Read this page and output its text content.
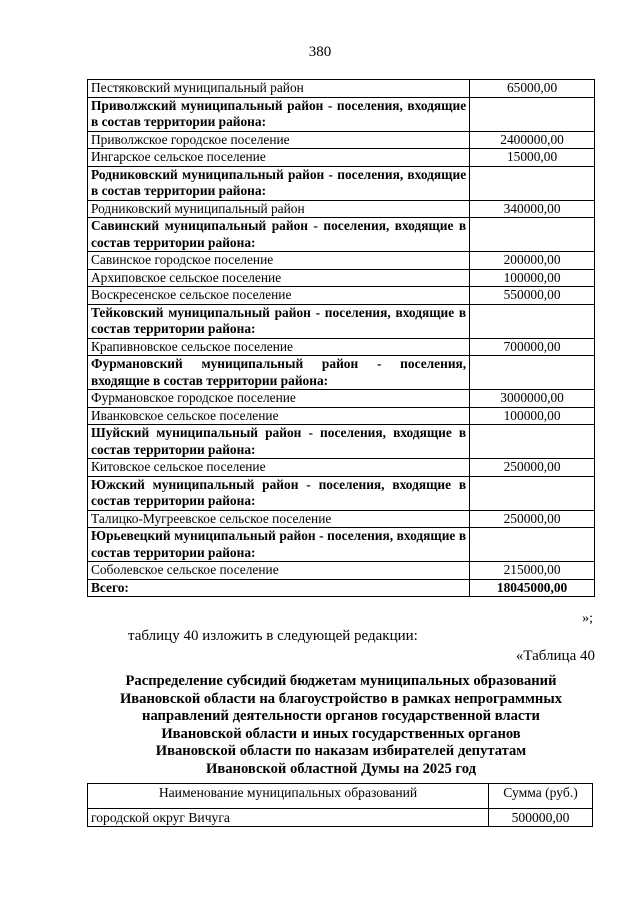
380
Пестяковский муниципальный район	65000,00
Приволжский муниципальный район - поселения, входящие в состав территории района:	
Приволжское городское поселение	2400000,00
Ингарское сельское поселение	15000,00
Родниковский муниципальный район - поселения, входящие в состав территории района:	
Родниковский муниципальный район	340000,00
Савинский муниципальный район - поселения, входящие в состав территории района:	
Савинское городское поселение	200000,00
Архиповское сельское поселение	100000,00
Воскресенское сельское поселение	550000,00
Тейковский муниципальный район - поселения, входящие в состав территории района:	
Крапивновское сельское поселение	700000,00
Фурмановский муниципальный район - поселения, входящие в состав территории района:	
Фурмановское городское поселение	3000000,00
Иванковское сельское поселение	100000,00
Шуйский муниципальный район - поселения, входящие в состав территории района:	
Китовское сельское поселение	250000,00
Южский муниципальный район - поселения, входящие в состав территории района:	
Талицко-Мугреевское сельское поселение	250000,00
Юрьевецкий муниципальный район - поселения, входящие в состав территории района:	
Соболевское сельское поселение	215000,00
Всего:	18045000,00
»;
таблицу 40 изложить в следующей редакции:
«Таблица 40
Распределение субсидий бюджетам муниципальных образований
Ивановской области на благоустройство в рамках непрограммных
направлений деятельности органов государственной власти
Ивановской области и иных государственных органов
Ивановской области по наказам избирателей депутатам
Ивановской областной Думы на 2025 год
Наименование муниципальных образований	Сумма (руб.)
городской округ Вичуга	500000,00
